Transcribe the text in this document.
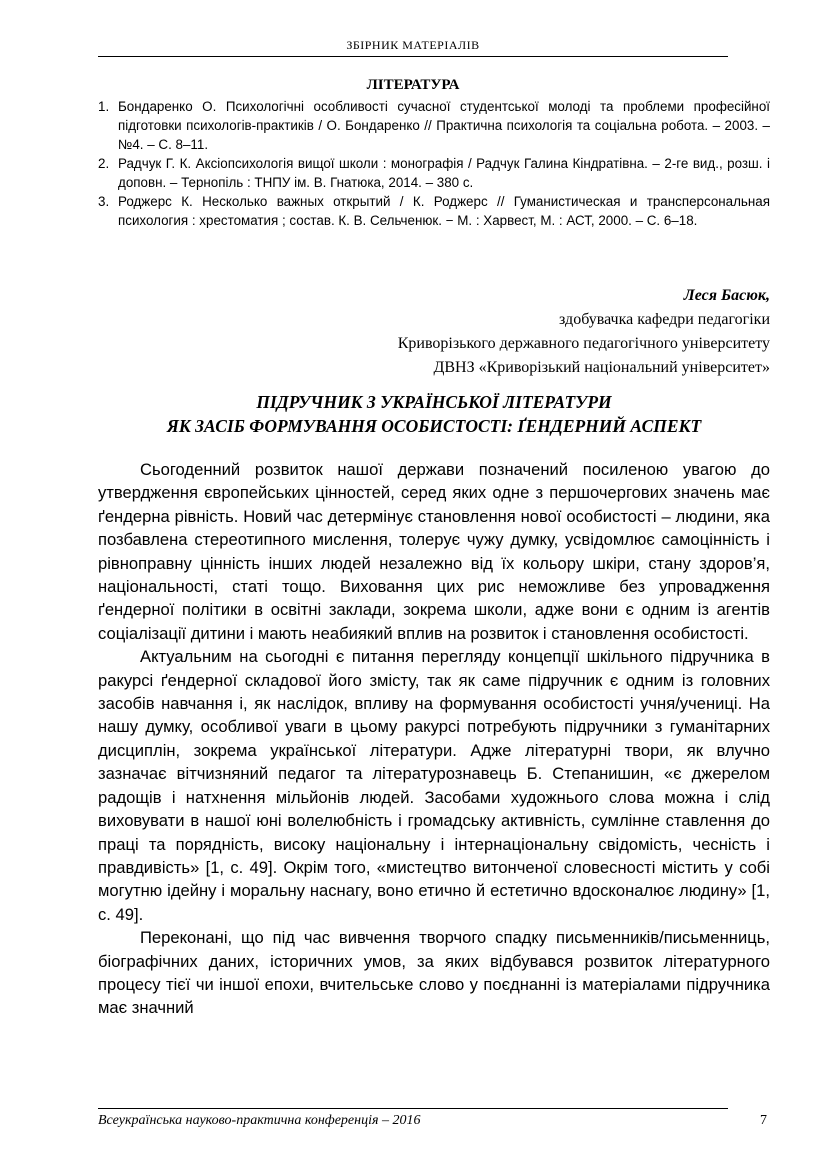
ЗБІРНИК МАТЕРІАЛІВ
ЛІТЕРАТУРА
1. Бондаренко О. Психологічні особливості сучасної студентської молоді та проблеми професійної підготовки психологів-практиків / О. Бондаренко // Практична психологія та соціальна робота. – 2003. – №4. – С. 8–11.
2. Радчук Г. К. Аксіопсихологія вищої школи : монографія / Радчук Галина Кіндратівна. – 2-ге вид., розш. і доповн. – Тернопіль : ТНПУ ім. В. Гнатюка, 2014. – 380 с.
3. Роджерс К. Несколько важных открытий / К. Роджерс // Гуманистическая и трансперсональная психология : хрестоматия ; состав. К. В. Сельченюк. − М. : Харвест, М. : АСТ, 2000. – С. 6–18.
Леся Басюк,
здобувачка кафедри педагогіки
Криворізького державного педагогічного університету
ДВНЗ «Криворізький національний університет»
ПІДРУЧНИК З УКРАЇНСЬКОЇ ЛІТЕРАТУРИ
ЯК ЗАСІБ ФОРМУВАННЯ ОСОБИСТОСТІ: ҐЕНДЕРНИЙ АСПЕКТ

Сьогоденний розвиток нашої держави позначений посиленою увагою до утвердження європейських цінностей, серед яких одне з першочергових значень має ґендерна рівність. Новий час детермінує становлення нової особистості – людини, яка позбавлена стереотипного мислення, толерує чужу думку, усвідомлює самоцінність і рівноправну цінність інших людей незалежно від їх кольору шкіри, стану здоров’я, національності, статі тощо. Виховання цих рис неможливе без упровадження ґендерної політики в освітні заклади, зокрема школи, адже вони є одним із агентів соціалізації дитини і мають неабиякий вплив на розвиток і становлення особистості.

Актуальним на сьогодні є питання перегляду концепції шкільного підручника в ракурсі ґендерної складової його змісту, так як саме підручник є одним із головних засобів навчання і, як наслідок, впливу на формування особистості учня/учениці. На нашу думку, особливої уваги в цьому ракурсі потребують підручники з гуманітарних дисциплін, зокрема української літератури. Адже літературні твори, як влучно зазначає вітчизняний педагог та літературознавець Б. Степанишин, «є джерелом радощів і натхнення мільйонів людей. Засобами художнього слова можна і слід виховувати в нашої юні волелюбність і громадську активність, сумлінне ставлення до праці та порядність, високу національну і інтернаціональну свідомість, чесність і правдивість» [1, с. 49]. Окрім того, «мистецтво витонченої словесності містить у собі могутню ідейну і моральну наснагу, воно етично й естетично вдосконалює людину» [1, с. 49].

Переконані, що під час вивчення творчого спадку письменників/письменниць, біографічних даних, історичних умов, за яких відбувався розвиток літературного процесу тієї чи іншої епохи, вчительське слово у поєднанні із матеріалами підручника має значний

Всеукраїнська науково-практична конференція – 2016	7
